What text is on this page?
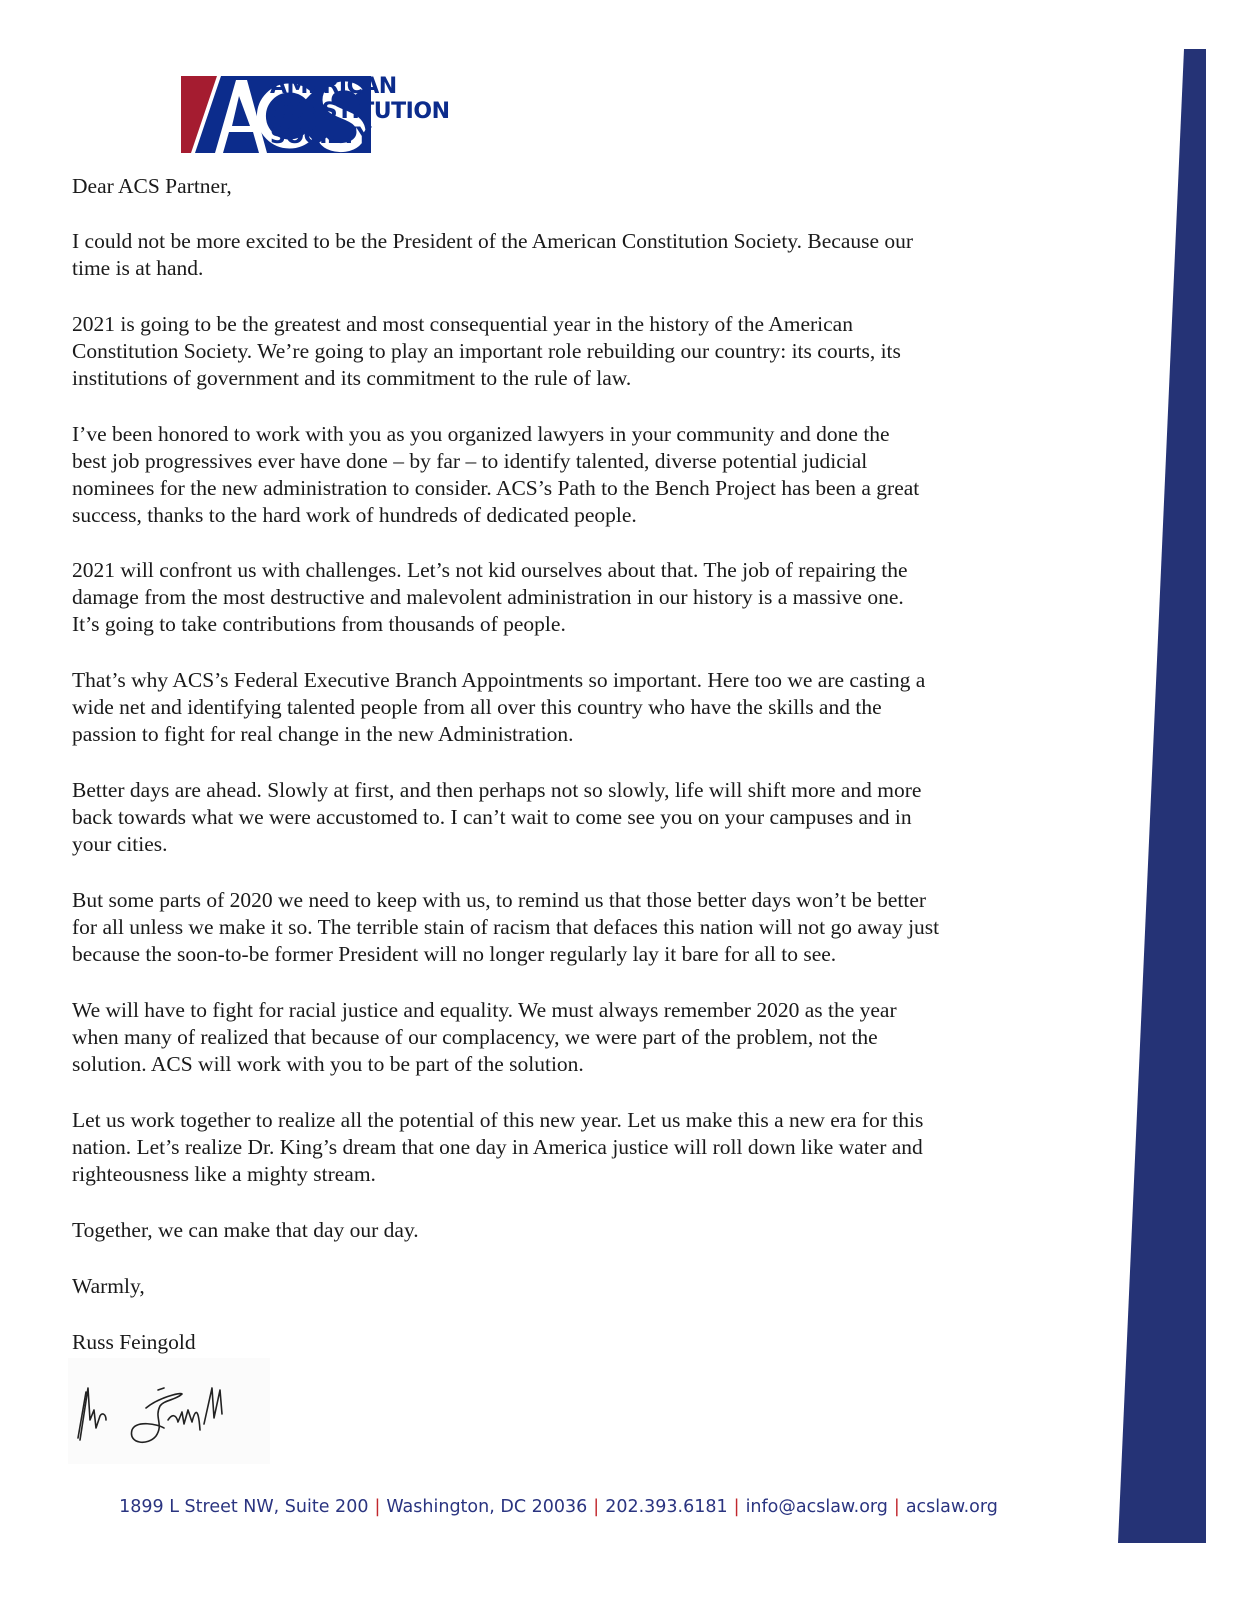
AMERICAN
CONSTITUTION
SOCIETY
Dear ACS Partner,
I could not be more excited to be the President of the American Constitution Society. Because our
time is at hand.
2021 is going to be the greatest and most consequential year in the history of the American
Constitution Society. We’re going to play an important role rebuilding our country: its courts, its
institutions of government and its commitment to the rule of law.
I’ve been honored to work with you as you organized lawyers in your community and done the
best job progressives ever have done – by far – to identify talented, diverse potential judicial
nominees for the new administration to consider. ACS’s Path to the Bench Project has been a great
success, thanks to the hard work of hundreds of dedicated people.
2021 will confront us with challenges. Let’s not kid ourselves about that. The job of repairing the
damage from the most destructive and malevolent administration in our history is a massive one.
It’s going to take contributions from thousands of people.
That’s why ACS’s Federal Executive Branch Appointments so important. Here too we are casting a
wide net and identifying talented people from all over this country who have the skills and the
passion to fight for real change in the new Administration.
Better days are ahead. Slowly at first, and then perhaps not so slowly, life will shift more and more
back towards what we were accustomed to. I can’t wait to come see you on your campuses and in
your cities.
But some parts of 2020 we need to keep with us, to remind us that those better days won’t be better
for all unless we make it so. The terrible stain of racism that defaces this nation will not go away just
because the soon-to-be former President will no longer regularly lay it bare for all to see.
We will have to fight for racial justice and equality. We must always remember 2020 as the year
when many of realized that because of our complacency, we were part of the problem, not the
solution. ACS will work with you to be part of the solution.
Let us work together to realize all the potential of this new year. Let us make this a new era for this
nation. Let’s realize Dr. King’s dream that one day in America justice will roll down like water and
righteousness like a mighty stream.
Together, we can make that day our day.
Warmly,
Russ Feingold
1899 L Street NW, Suite 200 | Washington, DC 20036 | 202.393.6181 | info@acslaw.org | acslaw.org
